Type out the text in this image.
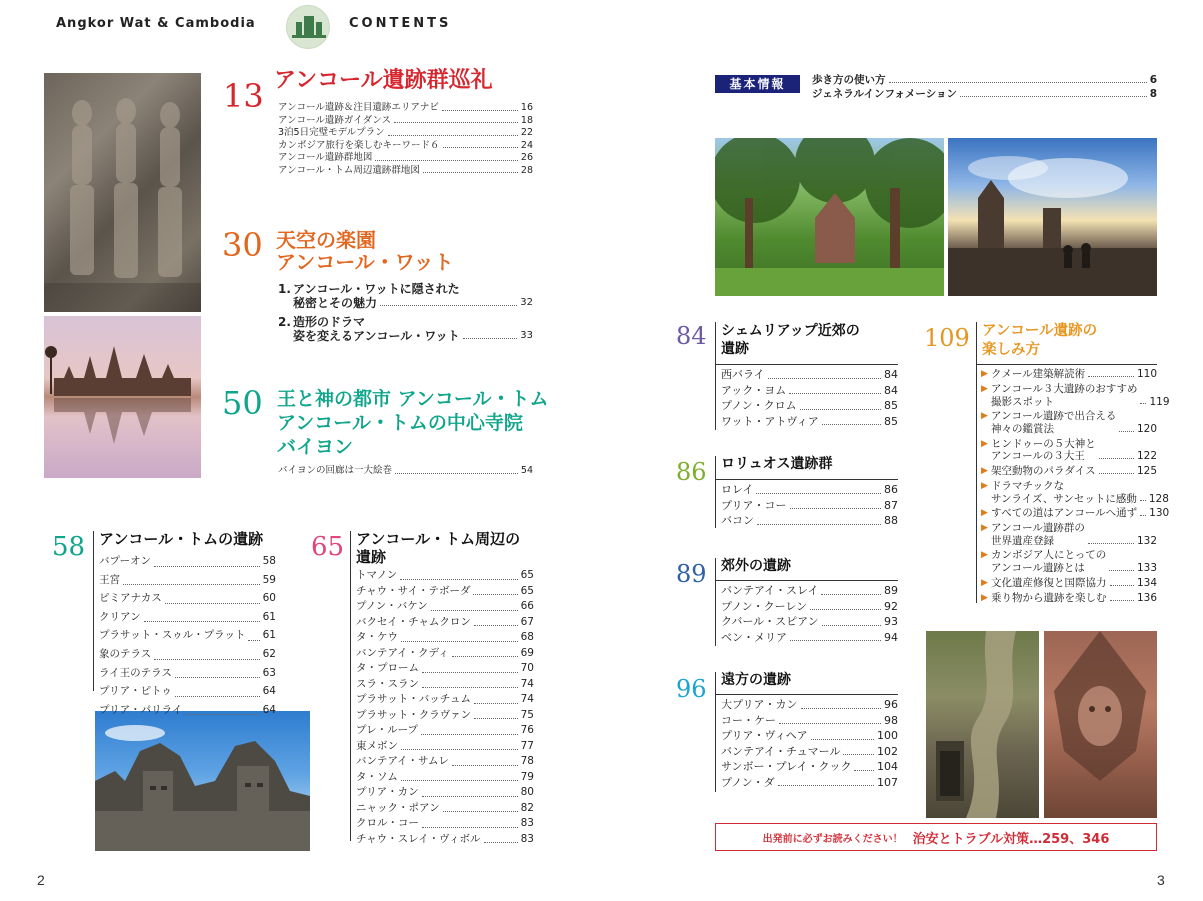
Angkor Wat & Cambodia	CONTENTS
13 アンコール遺跡群巡礼
アンコール遺跡＆注目遺跡エリアナビ	16
アンコール遺跡ガイダンス	18
3泊5日完璧モデルプラン	22
カンボジア旅行を楽しむキーワード６	24
アンコール遺跡群地図	26
アンコール・トム周辺遺跡群地図	28
30 天空の楽園
アンコール・ワット
1. アンコール・ワットに隠された
秘密とその魅力	32
2. 造形のドラマ
姿を変えるアンコール・ワット	33
50 王と神の都市 アンコール・トム
アンコール・トムの中心寺院
バイヨン
バイヨンの回廊は一大絵巻	54
58 アンコール・トムの遺跡
バプーオン	58
王宮	59
ピミアナカス	60
クリアン	61
プラサット・スゥル・プラット 61
象のテラス	62
ライ王のテラス	63
プリア・ピトゥ	64
プリア・パリライ	64
65 アンコール・トム周辺の
遺跡
トマノン	65
チャウ・サイ・テボーダ	65
プノン・バケン	66
バクセイ・チャムクロン	67
タ・ケウ	68
バンテアイ・クディ	69
タ・プローム	70
スラ・スラン	74
プラサット・バッチュム	74
プラサット・クラヴァン	75
プレ・ループ	76
東メボン	77
バンテアイ・サムレ	78
タ・ソム	79
プリア・カン	80
ニャック・ポアン	82
クロル・コー	83
チャウ・スレイ・ヴィボル	83
2
基本情報	歩き方の使い方	6
ジェネラルインフォメーション	8
84 シェムリアップ近郊の
遺跡
西バライ	84
アック・ヨム	84
プノン・クロム	85
ワット・アトヴィア	85
86 ロリュオス遺跡群
ロレイ	86
プリア・コー	87
バコン	88
89 郊外の遺跡
バンテアイ・スレイ	89
プノン・クーレン	92
クバール・スピアン	93
ベン・メリア	94
96 遠方の遺跡
大プリア・カン	96
コー・ケー	98
プリア・ヴィヘア	100
バンテアイ・チュマール	102
サンボー・プレイ・クック 104
プノン・ダ	107
109 アンコール遺跡の
楽しみ方
▶ クメール建築解読術	110
▶ アンコール３大遺跡のおすすめ
撮影スポット	119
▶ アンコール遺跡で出合える
神々の鑑賞法	120
▶ ヒンドゥーの５大神と
アンコールの３大王	122
▶ 架空動物のパラダイス	125
▶ ドラマチックな
サンライズ、サンセットに感動 128
▶ すべての道はアンコールへ通ず 130
▶ アンコール遺跡群の
世界遺産登録	132
▶ カンボジア人にとっての
アンコール遺跡とは	133
▶ 文化遺産修復と国際協力	134
▶ 乗り物から遺跡を楽しむ	136
出発前に必ずお読みください！ 治安とトラブル対策…259、346
3
